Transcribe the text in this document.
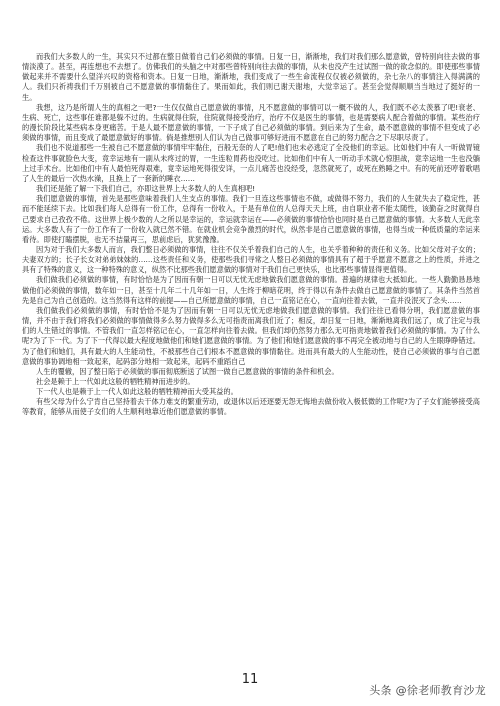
而我们大多数人的一生，其实只不过都在整日做着自己们必须做的事情。日复一日，渐渐地，我们对我们那么愿意做，曾特别向往去做的事情淡漠了。甚至，再连想也不去想了。仿佛我们的头脑之中对那些曾特别向往去做的事情，从未也没产生过试图一做的欲念似的。即使那些事情做起来并不需要什么望洋兴叹的资格和资本。日复一日地，渐渐地，我们变成了一些生命流程仅仅被必须做的，杂七杂八的事情注入得满满的人。我们只祈祷我们千万别被自己不愿意做的事情黏住了。果而如此，我们则已谢天谢地，大觉幸运了。甚至会觉得顺顺当当地过了挺好的一生。

我想，这乃是所谓人生的真相之一吧?一生仅仅做自己愿意做的事情，凡不愿意做的事情可以一概不做的人，我们既不必太羡慕了吧!衰老、生病、死亡，这些事任谁都是躲不过的。生病就得住院，住院就得接受治疗，治疗不仅是医生的事情，也是需要病人配合着做的事情。某些治疗的漫长阶段比某些病本身更痛苦。于是人最不愿意做的事情，一下子成了自己必须做的事情。到后来为了生命，最不愿意做的事情不但变成了必须做的事情，而且变成了最愿意做好的事情。倘是推想别人们认为自己做事可够好进而不愿意在自己的努力配合之下尽职尽责了。

我们也不说道那些一生被自己不愿意做的事情牢牢黏住，百般无奈的人了吧!他们也未必逃定了全没他们的幸运。比如他们中有人一听做胃镜检查这件事就脸色大变，竟幸运地有一副从未疼过的胃，一生连粒胃药也没吃过。比如他们中有人一听动手术就心惊胆战，竟幸运地一生也没躺上过手术台。比如他们中有人最怕死得艰难，竟幸运地死得很安详，一点儿痛苦也没经受，忽然就死了，或死在熟睡之中。有的死前还哼着歌唱了人生的最后一次热水澡，且换上了一套新的睡衣……

我们还是能了解一下我们自己，亦即这世界上大多数人的人生真相吧!

我们愿意做的事情，首先是那些意味着我们人生支点的事情。我们一旦连这些事情也不做，或做得不努力，我们的人生就失去了稳定性，甚而不能延续下去。比如我们每人总得有一份工作，总得有一份收入，于是有单位的人总得天天上班，由自职业者不能太随性，该勤奋之时就得自己要求自己孜孜不倦。这世界上极少数的人之所以是幸运的，幸运就幸运在——必须做的事情恰恰也同时是自己愿意做的事情。大多数人无此幸运。大多数人有了一份工作有了一份收入就已然不错。在就业机会竞争激烈的时代，纵然非是自己愿意做的事情，也得当成一种低质量的幸运来看待。即使打瞌摆脱，也无不拮量再三，思前虑后，犹犹豫豫。

因为对于我们大多数人而言，我们整日必须做的事情，往往不仅关乎着我们自己的人生，也关乎着种种的责任和义务。比如父母对子女的；夫妻双方的；长子长女对弟弟妹妹的……这些责任和义务，使那些我们寻常之人整日必须做的事情具有了超于乎愿意不愿意之上的性质，并进之具有了特殊的意义，这一种特殊的意义，纵然不比那些我们愿意做的事情对于我们自己更快乐，也比那些事情显得更值得。

我们做我们必须做的事情，有时恰恰是为了因而有朝一日可以无忧无虑地做我们愿意做的事情。普遍的规律也大抵如此。一些人勤勤恳恳地做他们必须做的事情，数年如一日，甚至十几年二十几年如一日，人生终于柳暗花明，终于得以有条件去做自己愿意做的事情了。其条件当然首先是自己为自己创造的。这当然得有这样的前提——自己所愿意做的事情，自己一直铭记在心，一直向往着去做，一直并没泯灭了念头……

我们做我们必须做的事情，有时恰恰不是为了因而有朝一日可以无忧无虑地做我们愿意做的事情。我们往往已看得分明，我们愿意做的事情，并不由于我们将我们必须做的事情做得多么努力做得多么无可指责而离我们近了；相反，却日复一日地，渐渐地离我们远了，成了注定与我们的人生错过的事情。不管我们一直怎样铭记在心，一直怎样向往着去做。但我们却仍然努力那么无可指责地做着我们必须做的事情。为了什么呢?为了下一代。为了下一代得以最大程度地做他们和她们愿意做的事情。为了他们和她们愿意做的事不再完全被动地与自己的人生眼睁睁错过。为了他们和她们，具有最大的人生能动性，不被那些自己们根本不愿意做的事情黏住。进而具有最大的人生能动性，使自己必须做的事与自己愿意做的事协调地相一致起来，起码部分地相一致起来，起码不重蹈自己

人生的覆辙，因了整日陷于必须做的事而彻底断送了试图一做自己愿意做的事情的条件和机会。

社会是赖于上一代如此这般的牺牲精神而进步的。

下一代人也是赖于上一代人如此这般的牺牲精神而大受其益的。

有些父母为什么宁肯自己坚持着去干体力难支的繁重劳动，或退休以后还逐要无怨无悔地去做份收入极低微的工作呢?为了子女们能够接受高等教育，能够从而使子女们的人生顺利地靠近他们愿意做的事情。

11
头条 @徐老师教育沙龙
